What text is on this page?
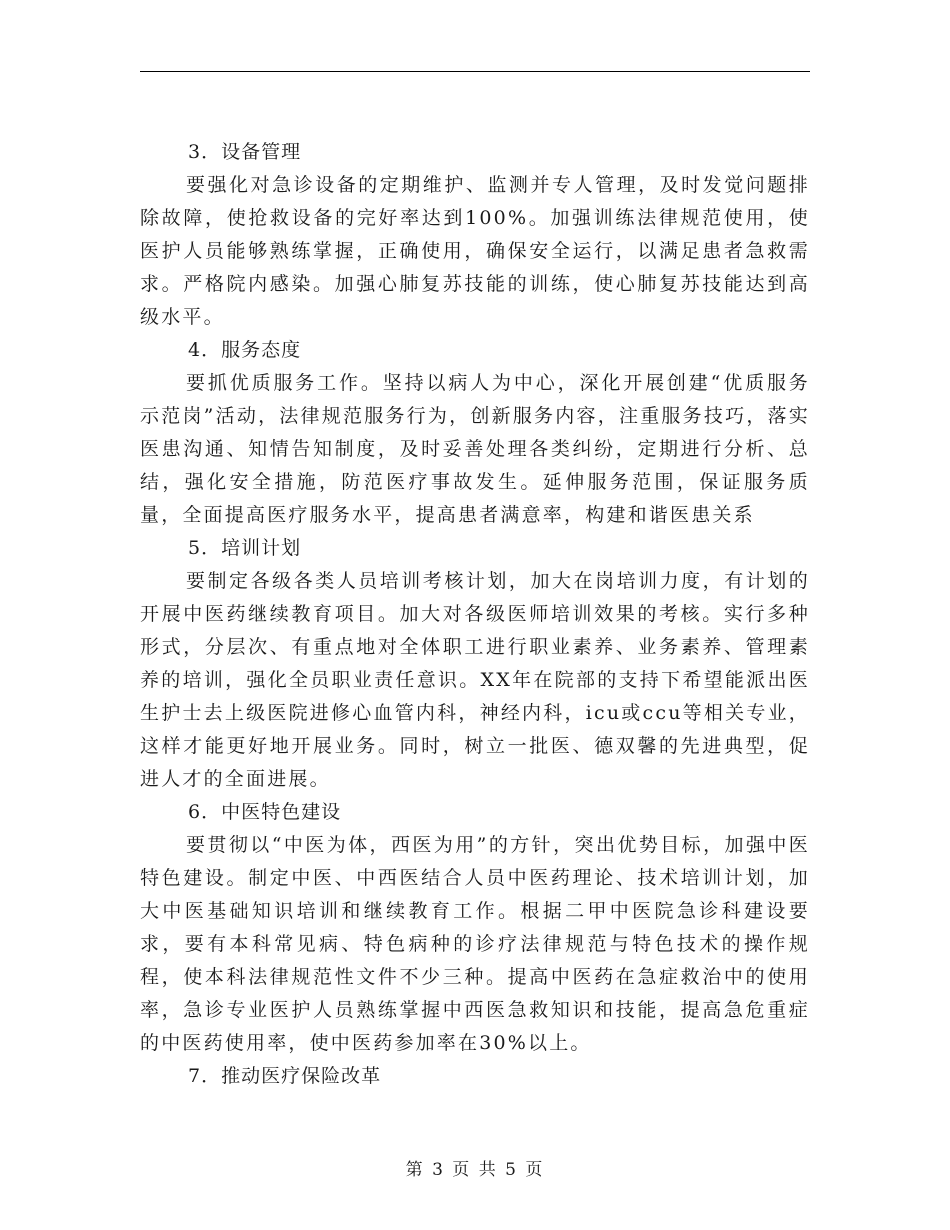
3．设备管理

要强化对急诊设备的定期维护、监测并专人管理，及时发觉问题排除故障，使抢救设备的完好率达到100%。加强训练法律规范使用，使医护人员能够熟练掌握，正确使用，确保安全运行，以满足患者急救需求。严格院内感染。加强心肺复苏技能的训练，使心肺复苏技能达到高级水平。

4．服务态度

要抓优质服务工作。坚持以病人为中心，深化开展创建“优质服务示范岗”活动，法律规范服务行为，创新服务内容，注重服务技巧，落实医患沟通、知情告知制度，及时妥善处理各类纠纷，定期进行分析、总结，强化安全措施，防范医疗事故发生。延伸服务范围，保证服务质量，全面提高医疗服务水平，提高患者满意率，构建和谐医患关系

5．培训计划

要制定各级各类人员培训考核计划，加大在岗培训力度，有计划的开展中医药继续教育项目。加大对各级医师培训效果的考核。实行多种形式，分层次、有重点地对全体职工进行职业素养、业务素养、管理素养的培训，强化全员职业责任意识。XX年在院部的支持下希望能派出医生护士去上级医院进修心血管内科，神经内科，icu或ccu等相关专业，这样才能更好地开展业务。同时，树立一批医、德双馨的先进典型，促进人才的全面进展。

6．中医特色建设

要贯彻以“中医为体，西医为用”的方针，突出优势目标，加强中医特色建设。制定中医、中西医结合人员中医药理论、技术培训计划，加大中医基础知识培训和继续教育工作。根据二甲中医院急诊科建设要求，要有本科常见病、特色病种的诊疗法律规范与特色技术的操作规程，使本科法律规范性文件不少三种。提高中医药在急症救治中的使用率，急诊专业医护人员熟练掌握中西医急救知识和技能，提高急危重症的中医药使用率，使中医药参加率在30%以上。

7．推动医疗保险改革

第 3 页 共 5 页
